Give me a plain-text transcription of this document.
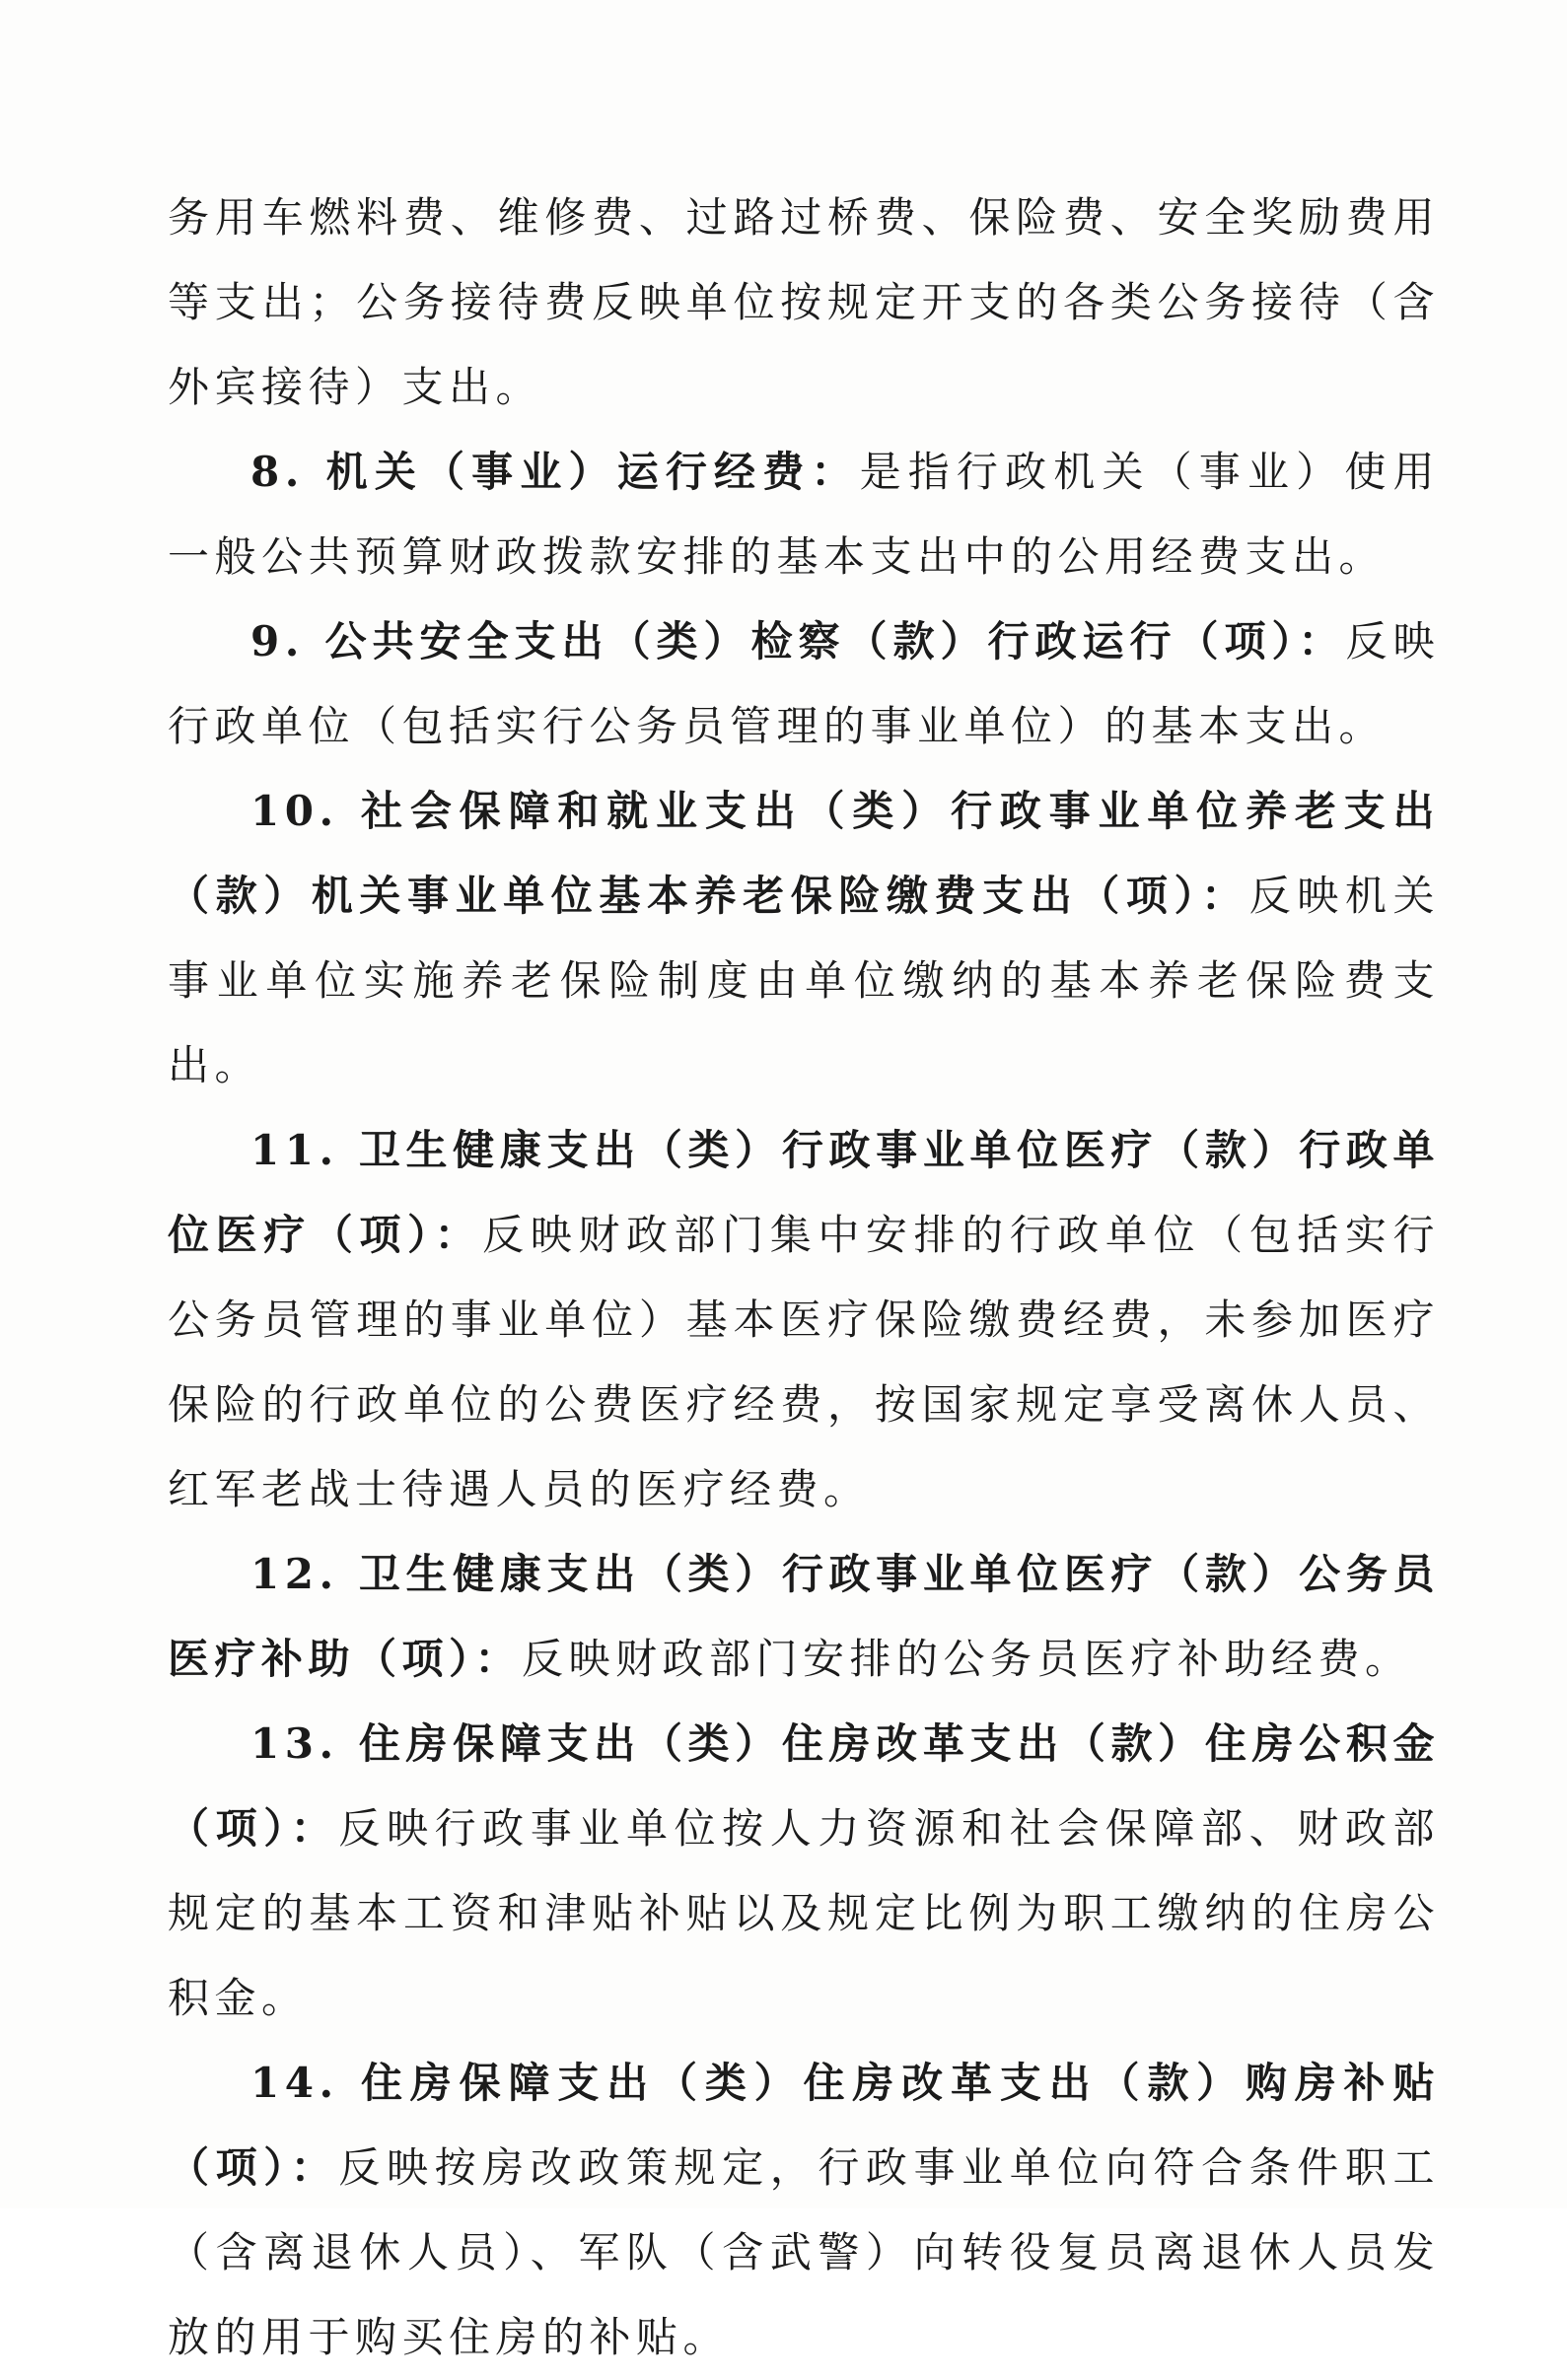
务用车燃料费、维修费、过路过桥费、保险费、安全奖励费用等支出；公务接待费反映单位按规定开支的各类公务接待（含外宾接待）支出。

8. 机关（事业）运行经费：是指行政机关（事业）使用一般公共预算财政拨款安排的基本支出中的公用经费支出。

9. 公共安全支出（类）检察（款）行政运行（项）：反映行政单位（包括实行公务员管理的事业单位）的基本支出。

10. 社会保障和就业支出（类）行政事业单位养老支出（款）机关事业单位基本养老保险缴费支出（项）：反映机关事业单位实施养老保险制度由单位缴纳的基本养老保险费支出。

11. 卫生健康支出（类）行政事业单位医疗（款）行政单位医疗（项）：反映财政部门集中安排的行政单位（包括实行公务员管理的事业单位）基本医疗保险缴费经费，未参加医疗保险的行政单位的公费医疗经费，按国家规定享受离休人员、红军老战士待遇人员的医疗经费。

12. 卫生健康支出（类）行政事业单位医疗（款）公务员医疗补助（项）：反映财政部门安排的公务员医疗补助经费。

13. 住房保障支出（类）住房改革支出（款）住房公积金（项）：反映行政事业单位按人力资源和社会保障部、财政部规定的基本工资和津贴补贴以及规定比例为职工缴纳的住房公积金。

14. 住房保障支出（类）住房改革支出（款）购房补贴（项）：反映按房改政策规定，行政事业单位向符合条件职工（含离退休人员）、军队（含武警）向转役复员离退休人员发放的用于购买住房的补贴。
